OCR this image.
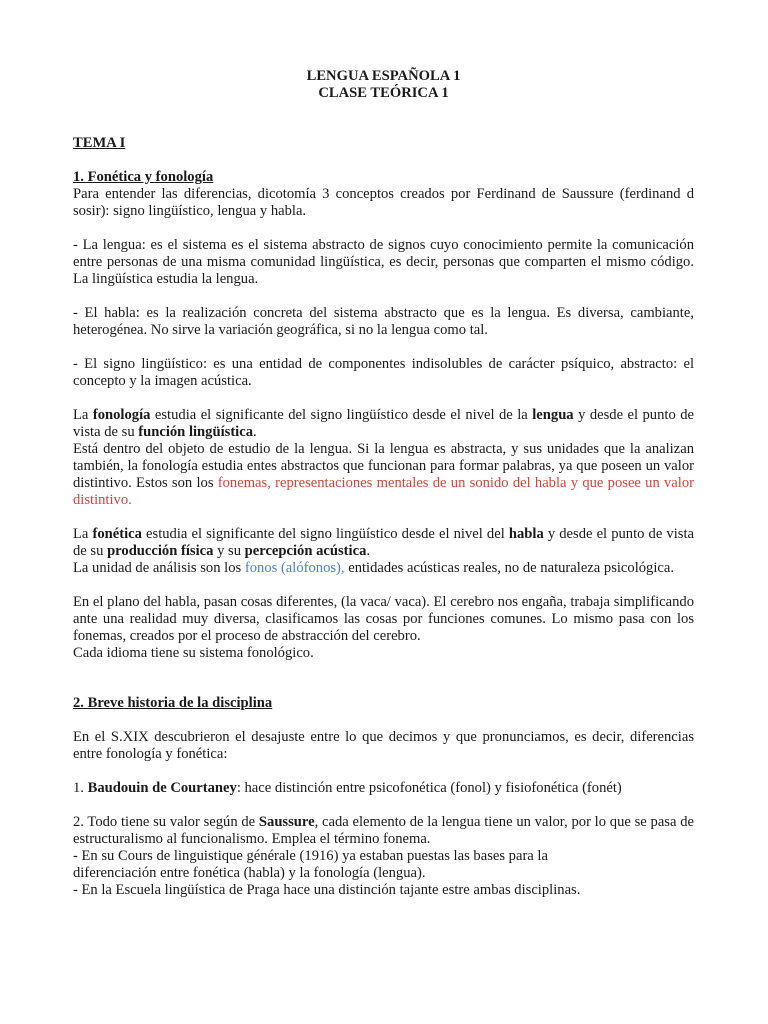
LENGUA ESPAÑOLA 1

CLASE TEÓRICA 1

TEMA I
1. Fonética y fonología

Para entender las diferencias, dicotomía 3 conceptos creados por Ferdinand de Saussure (ferdinand d sosir): signo lingüístico, lengua y habla.

- La lengua: es el sistema es el sistema abstracto de signos cuyo conocimiento permite la comunicación entre personas de una misma comunidad lingüística, es decir, personas que comparten el mismo código. La lingüística estudia la lengua.

- El habla: es la realización concreta del sistema abstracto que es la lengua. Es diversa, cambiante, heterogénea. No sirve la variación geográfica, si no la lengua como tal.

- El signo lingüístico: es una entidad de componentes indisolubles de carácter psíquico, abstracto: el concepto y la imagen acústica.

La fonología estudia el significante del signo lingüístico desde el nivel de la lengua y desde el punto de vista de su función lingüística.

Está dentro del objeto de estudio de la lengua. Si la lengua es abstracta, y sus unidades que la analizan también, la fonología estudia entes abstractos que funcionan para formar palabras, ya que poseen un valor distintivo. Estos son los fonemas, representaciones mentales de un sonido del habla y que posee un valor distintivo.

La fonética estudia el significante del signo lingüístico desde el nivel del habla y desde el punto de vista de su producción física y su percepción acústica.

La unidad de análisis son los fonos (alófonos), entidades acústicas reales, no de naturaleza psicológica.

En el plano del habla, pasan cosas diferentes, (la vaca/ vaca). El cerebro nos engaña, trabaja simplificando ante una realidad muy diversa, clasificamos las cosas por funciones comunes. Lo mismo pasa con los fonemas, creados por el proceso de abstracción del cerebro.

Cada idioma tiene su sistema fonológico.

2. Breve historia de la disciplina

En el S.XIX descubrieron el desajuste entre lo que decimos y que pronunciamos, es decir, diferencias entre fonología y fonética:

1. Baudouin de Courtaney: hace distinción entre psicofonética (fonol) y fisiofonética (fonét)

2. Todo tiene su valor según de Saussure, cada elemento de la lengua tiene un valor, por lo que se pasa de estructuralismo al funcionalismo. Emplea el término fonema.

- En su Cours de linguistique générale (1916) ya estaban puestas las bases para la

diferenciación entre fonética (habla) y la fonología (lengua).

- En la Escuela lingüística de Praga hace una distinción tajante estre ambas disciplinas.
